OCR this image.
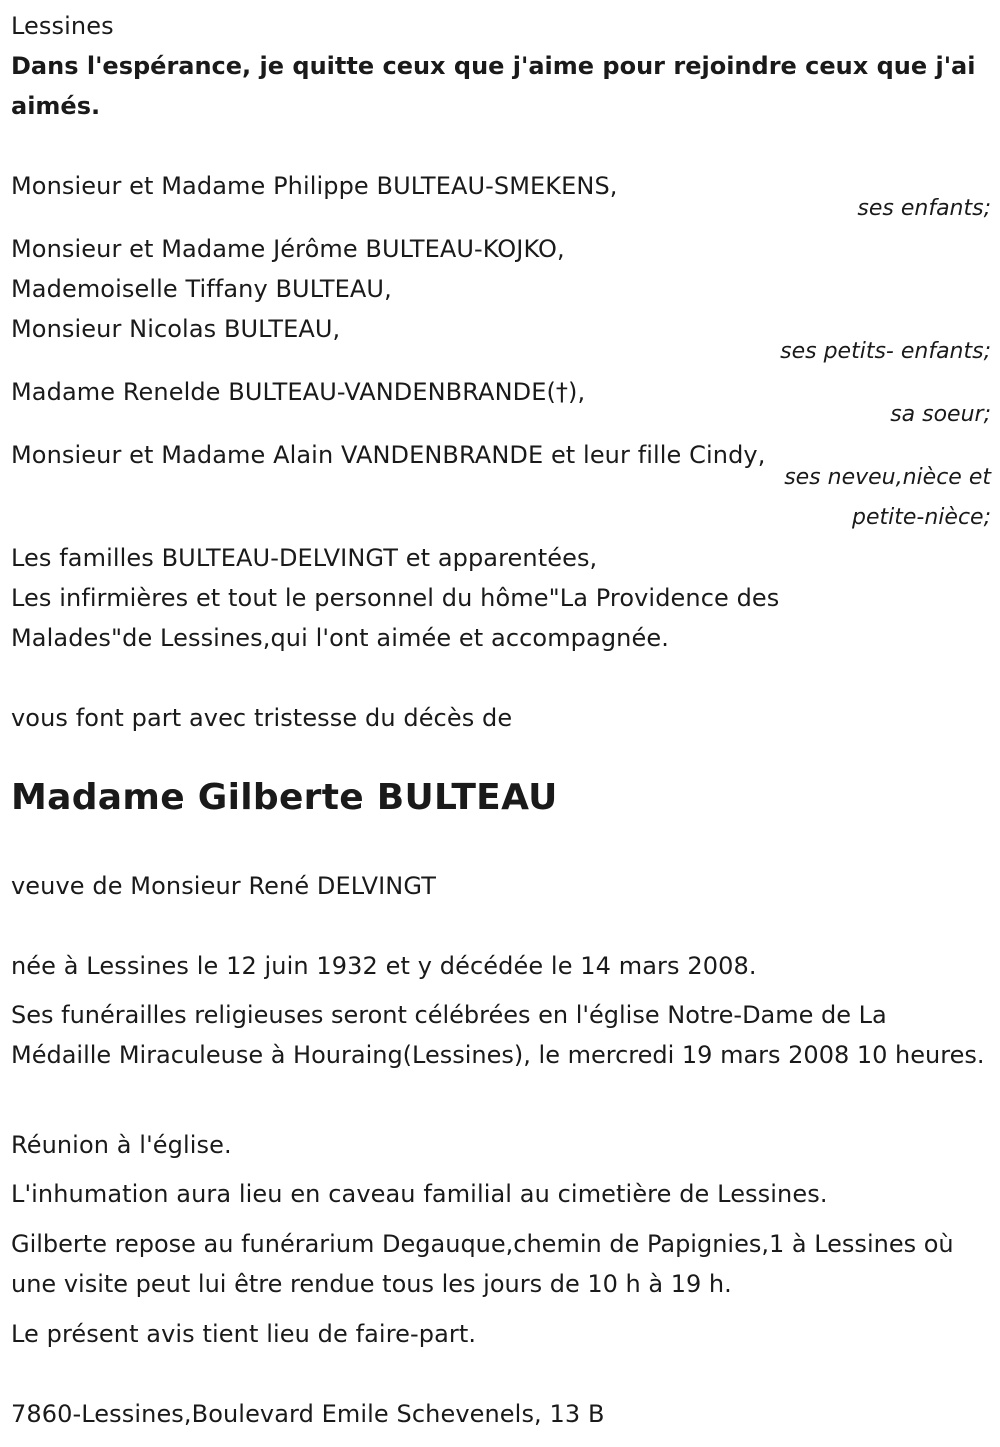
Lessines
Dans l'espérance, je quitte ceux que j'aime pour rejoindre ceux que j'ai aimés.
Monsieur et Madame Philippe BULTEAU-SMEKENS,
ses enfants;
Monsieur et Madame Jérôme BULTEAU-KOJKO,
Mademoiselle Tiffany BULTEAU,
Monsieur Nicolas BULTEAU,
ses petits- enfants;
Madame Renelde BULTEAU-VANDENBRANDE(†),
sa soeur;
Monsieur et Madame Alain VANDENBRANDE et leur fille Cindy,
ses neveu,nièce et
petite-nièce;
Les familles BULTEAU-DELVINGT et apparentées,
Les infirmières et tout le personnel du hôme"La Providence des
Malades"de Lessines,qui l'ont aimée et accompagnée.
vous font part avec tristesse du décès de
Madame Gilberte BULTEAU
veuve de Monsieur René DELVINGT
née à Lessines le 12 juin 1932 et y décédée le 14 mars 2008.
Ses funérailles religieuses seront célébrées en l'église Notre-Dame de La Médaille Miraculeuse à Houraing(Lessines), le mercredi 19 mars 2008 10 heures.
Réunion à l'église.
L'inhumation aura lieu en caveau familial au cimetière de Lessines.
Gilberte repose au funérarium Degauque,chemin de Papignies,1 à Lessines où une visite peut lui être rendue tous les jours de 10 h à 19 h.
Le présent avis tient lieu de faire-part.
7860-Lessines,Boulevard Emile Schevenels, 13 B
